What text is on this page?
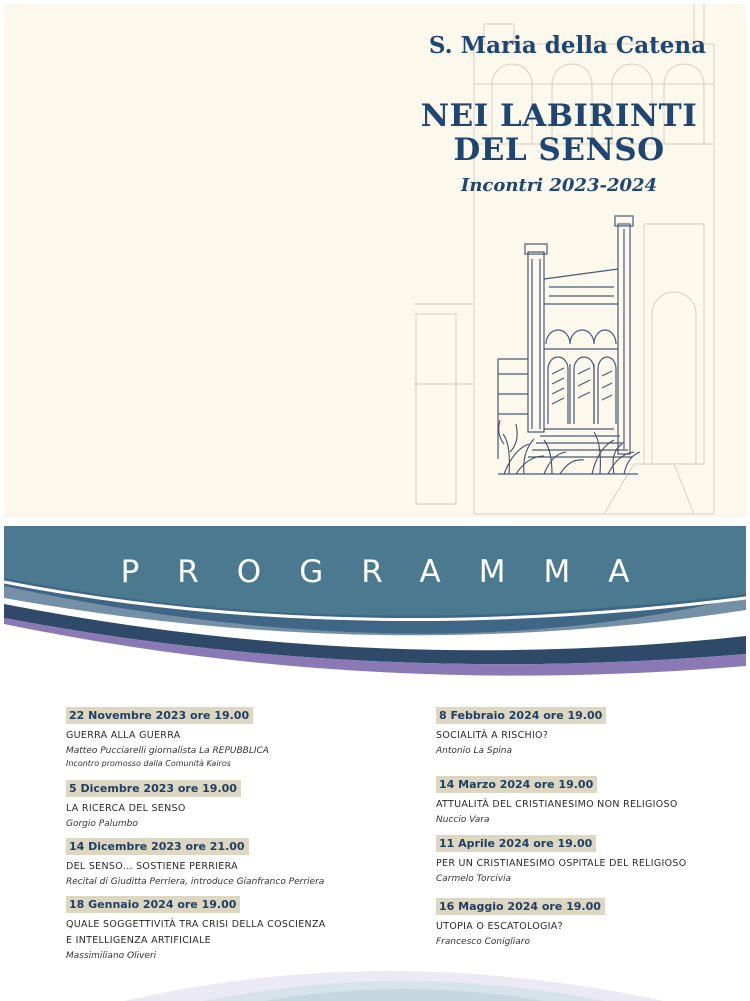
S. Maria della Catena
NEI LABIRINTI
DEL SENSO
Incontri 2023-2024
PROGRAMMA
22 Novembre 2023 ore 19.00
GUERRA ALLA GUERRA
Matteo Pucciarelli giornalista La REPUBBLICA
Incontro promosso dalla Comunità Kairos
5 Dicembre 2023 ore 19.00
LA RICERCA DEL SENSO
Gorgio Palumbo
14 Dicembre 2023 ore 21.00
DEL SENSO… SOSTIENE PERRIERA
Recital di Giuditta Perriera, introduce Gianfranco Perriera
18 Gennaio 2024 ore 19.00
QUALE SOGGETTIVITÀ TRA CRISI DELLA COSCIENZA
E INTELLIGENZA ARTIFICIALE
Massimiliano Oliveri
8 Febbraio 2024 ore 19.00
SOCIALITÀ A RISCHIO?
Antonio La Spina
14 Marzo 2024 ore 19.00
ATTUALITÀ DEL CRISTIANESIMO NON RELIGIOSO
Nuccio Vara
11 Aprile 2024 ore 19.00
PER UN CRISTIANESIMO OSPITALE DEL RELIGIOSO
Carmelo Torcivia
16 Maggio 2024 ore 19.00
UTOPIA O ESCATOLOGIA?
Francesco Conigliaro
